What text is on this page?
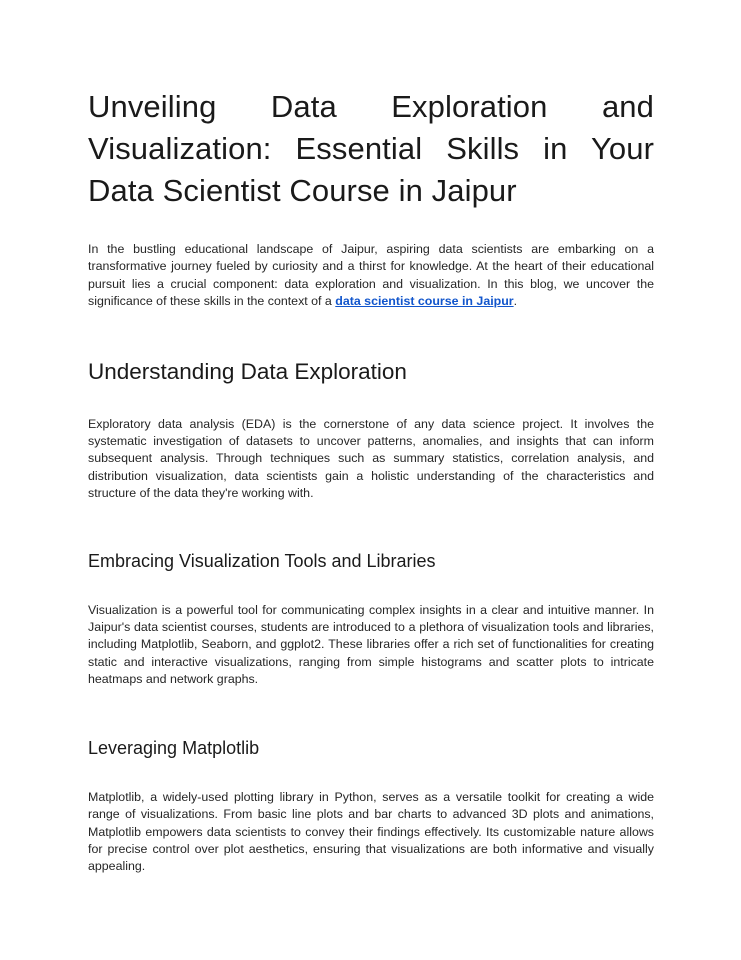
Unveiling Data Exploration and Visualization: Essential Skills in Your Data Scientist Course in Jaipur

In the bustling educational landscape of Jaipur, aspiring data scientists are embarking on a transformative journey fueled by curiosity and a thirst for knowledge. At the heart of their educational pursuit lies a crucial component: data exploration and visualization. In this blog, we uncover the significance of these skills in the context of a data scientist course in Jaipur.

Understanding Data Exploration

Exploratory data analysis (EDA) is the cornerstone of any data science project. It involves the systematic investigation of datasets to uncover patterns, anomalies, and insights that can inform subsequent analysis. Through techniques such as summary statistics, correlation analysis, and distribution visualization, data scientists gain a holistic understanding of the characteristics and structure of the data they're working with.

Embracing Visualization Tools and Libraries

Visualization is a powerful tool for communicating complex insights in a clear and intuitive manner. In Jaipur's data scientist courses, students are introduced to a plethora of visualization tools and libraries, including Matplotlib, Seaborn, and ggplot2. These libraries offer a rich set of functionalities for creating static and interactive visualizations, ranging from simple histograms and scatter plots to intricate heatmaps and network graphs.

Leveraging Matplotlib

Matplotlib, a widely-used plotting library in Python, serves as a versatile toolkit for creating a wide range of visualizations. From basic line plots and bar charts to advanced 3D plots and animations, Matplotlib empowers data scientists to convey their findings effectively. Its customizable nature allows for precise control over plot aesthetics, ensuring that visualizations are both informative and visually appealing.
